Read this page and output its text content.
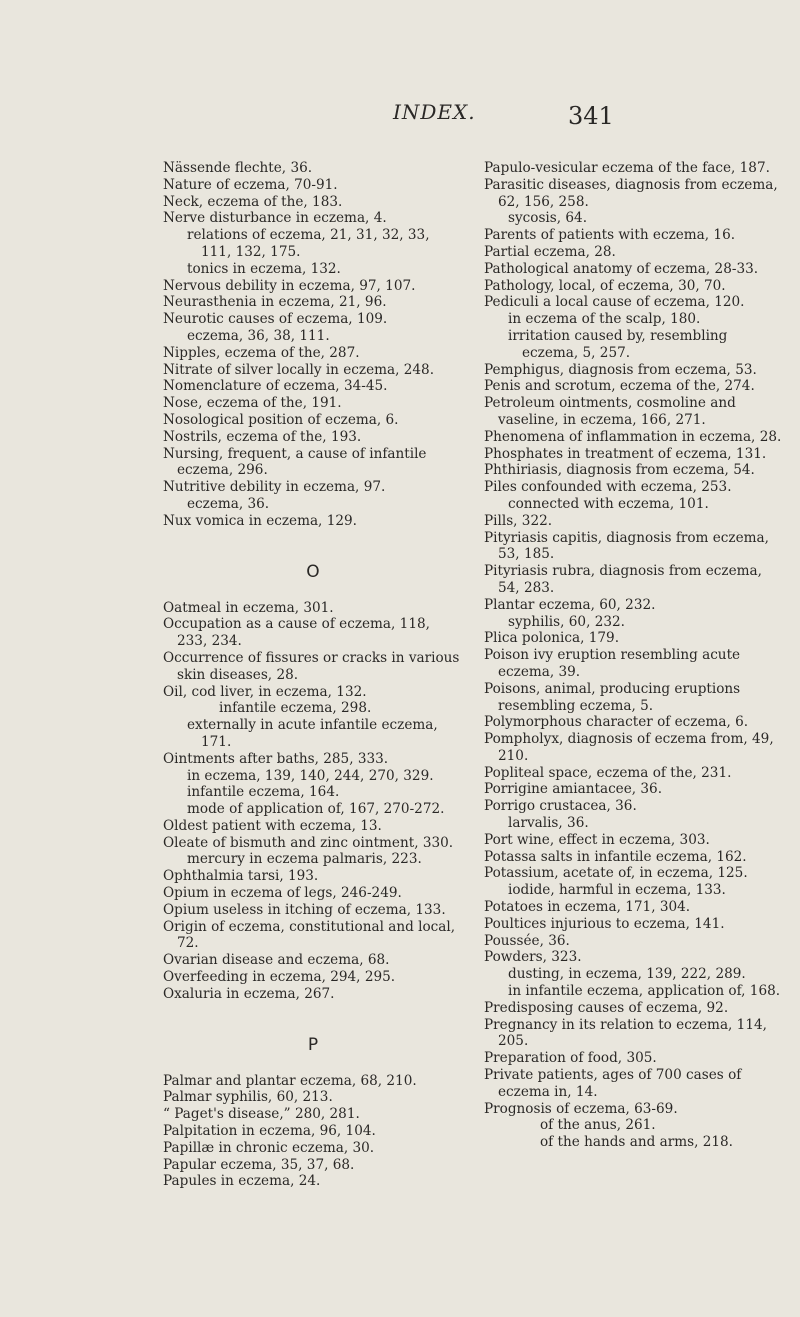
INDEX.	341
Nässende flechte, 36.
Nature of eczema, 70-91.
Neck, eczema of the, 183.
Nerve disturbance in eczema, 4.
relations of eczema, 21, 31, 32, 33, 111, 132, 175.
tonics in eczema, 132.
Nervous debility in eczema, 97, 107.
Neurasthenia in eczema, 21, 96.
Neurotic causes of eczema, 109.
eczema, 36, 38, 111.
Nipples, eczema of the, 287.
Nitrate of silver locally in eczema, 248.
Nomenclature of eczema, 34-45.
Nose, eczema of the, 191.
Nosological position of eczema, 6.
Nostrils, eczema of the, 193.
Nursing, frequent, a cause of infantile eczema, 296.
Nutritive debility in eczema, 97.
eczema, 36.
Nux vomica in eczema, 129.
O
Oatmeal in eczema, 301.
Occupation as a cause of eczema, 118, 233, 234.
Occurrence of fissures or cracks in various skin diseases, 28.
Oil, cod liver, in eczema, 132.
infantile eczema, 298.
externally in acute infantile eczema, 171.
Ointments after baths, 285, 333.
in eczema, 139, 140, 244, 270, 329.
infantile eczema, 164.
mode of application of, 167, 270-272.
Oldest patient with eczema, 13.
Oleate of bismuth and zinc ointment, 330.
mercury in eczema palmaris, 223.
Ophthalmia tarsi, 193.
Opium in eczema of legs, 246-249.
Opium useless in itching of eczema, 133.
Origin of eczema, constitutional and local, 72.
Ovarian disease and eczema, 68.
Overfeeding in eczema, 294, 295.
Oxaluria in eczema, 267.
P
Palmar and plantar eczema, 68, 210.
Palmar syphilis, 60, 213.
“ Paget's disease,” 280, 281.
Palpitation in eczema, 96, 104.
Papillæ in chronic eczema, 30.
Papular eczema, 35, 37, 68.
Papules in eczema, 24.
Papulo-vesicular eczema of the face, 187.
Parasitic diseases, diagnosis from eczema, 62, 156, 258.
sycosis, 64.
Parents of patients with eczema, 16.
Partial eczema, 28.
Pathological anatomy of eczema, 28-33.
Pathology, local, of eczema, 30, 70.
Pediculi a local cause of eczema, 120.
in eczema of the scalp, 180.
irritation caused by, resembling eczema, 5, 257.
Pemphigus, diagnosis from eczema, 53.
Penis and scrotum, eczema of the, 274.
Petroleum ointments, cosmoline and vaseline, in eczema, 166, 271.
Phenomena of inflammation in eczema, 28.
Phosphates in treatment of eczema, 131.
Phthiriasis, diagnosis from eczema, 54.
Piles confounded with eczema, 253.
connected with eczema, 101.
Pills, 322.
Pityriasis capitis, diagnosis from eczema, 53, 185.
Pityriasis rubra, diagnosis from eczema, 54, 283.
Plantar eczema, 60, 232.
syphilis, 60, 232.
Plica polonica, 179.
Poison ivy eruption resembling acute eczema, 39.
Poisons, animal, producing eruptions resembling eczema, 5.
Polymorphous character of eczema, 6.
Pompholyx, diagnosis of eczema from, 49, 210.
Popliteal space, eczema of the, 231.
Porrigine amiantacee, 36.
Porrigo crustacea, 36.
larvalis, 36.
Port wine, effect in eczema, 303.
Potassa salts in infantile eczema, 162.
Potassium, acetate of, in eczema, 125.
iodide, harmful in eczema, 133.
Potatoes in eczema, 171, 304.
Poultices injurious to eczema, 141.
Poussée, 36.
Powders, 323.
dusting, in eczema, 139, 222, 289.
in infantile eczema, application of, 168.
Predisposing causes of eczema, 92.
Pregnancy in its relation to eczema, 114, 205.
Preparation of food, 305.
Private patients, ages of 700 cases of eczema in, 14.
Prognosis of eczema, 63-69.
of the anus, 261.
of the hands and arms, 218.
